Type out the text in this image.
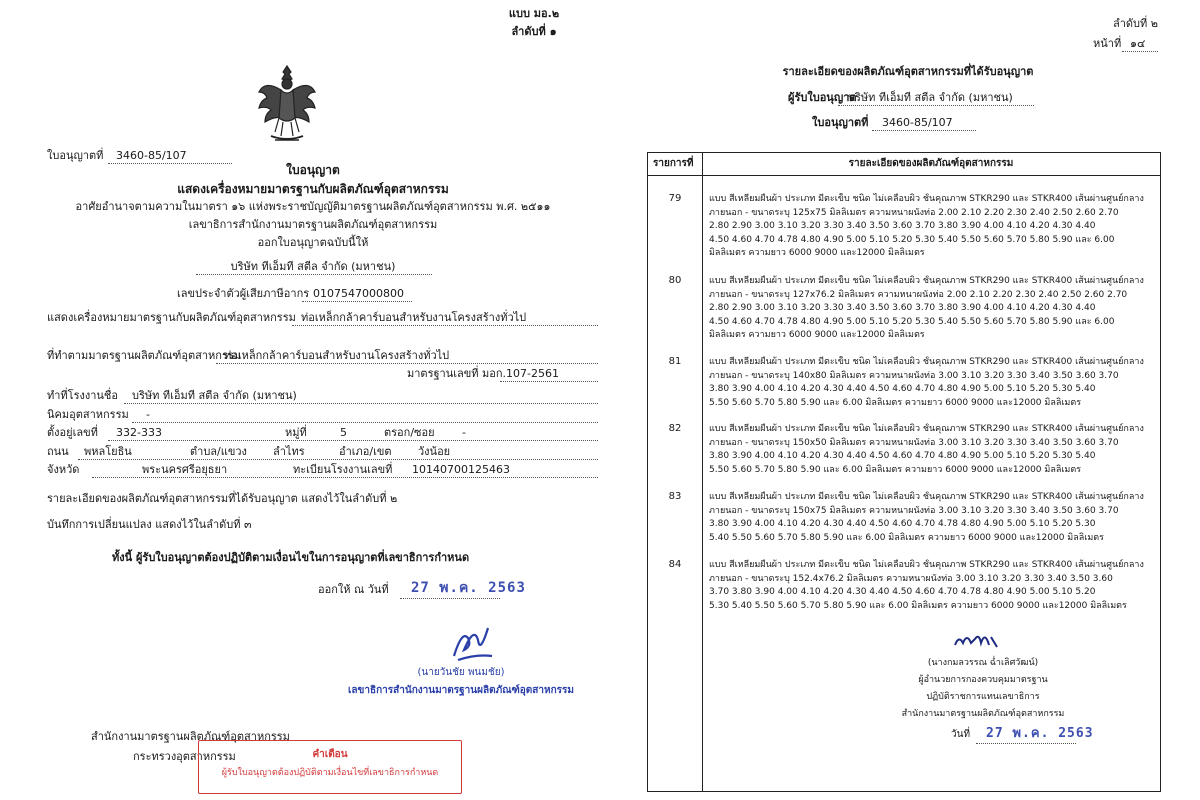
แบบ มอ.๒
ลำดับที่ ๑
ใบอนุญาตที่ 3460-85/107
ใบอนุญาต
แสดงเครื่องหมายมาตรฐานกับผลิตภัณฑ์อุตสาหกรรม
อาศัยอำนาจตามความในมาตรา ๑๖ แห่งพระราชบัญญัติมาตรฐานผลิตภัณฑ์อุตสาหกรรม พ.ศ. ๒๕๑๑
เลขาธิการสำนักงานมาตรฐานผลิตภัณฑ์อุตสาหกรรม
ออกใบอนุญาตฉบับนี้ให้
บริษัท ทีเอ็มที สตีล จำกัด (มหาชน)
เลขประจำตัวผู้เสียภาษีอากร 0107547000800
แสดงเครื่องหมายมาตรฐานกับผลิตภัณฑ์อุตสาหกรรม ท่อเหล็กกล้าคาร์บอนสำหรับงานโครงสร้างทั่วไป
ที่ทำตามมาตรฐานผลิตภัณฑ์อุตสาหกรรม
ท่อเหล็กกล้าคาร์บอนสำหรับงานโครงสร้างทั่วไป
มาตรฐานเลขที่ มอก. 107-2561
ทำที่โรงงานชื่อ บริษัท ทีเอ็มที สตีล จำกัด (มหาชน)
นิคมอุตสาหกรรม -
ตั้งอยู่เลขที่ 332-333	หมู่ที่	5	ตรอก/ซอย -
ถนน พหลโยธิน	ตำบล/แขวง ลำไทร	อำเภอ/เขต วังน้อย
จังหวัด	พระนครศรีอยุธยา	ทะเบียนโรงงานเลขที่ 10140700125463
รายละเอียดของผลิตภัณฑ์อุตสาหกรรมที่ได้รับอนุญาต แสดงไว้ในลำดับที่ ๒
บันทึกการเปลี่ยนแปลง แสดงไว้ในลำดับที่ ๓
ทั้งนี้ ผู้รับใบอนุญาตต้องปฏิบัติตามเงื่อนไขในการอนุญาตที่เลขาธิการกำหนด
ออกให้ ณ วันที่ 27 พ.ค. 2563
(นายวันชัย พนมชัย)
เลขาธิการสำนักงานมาตรฐานผลิตภัณฑ์อุตสาหกรรม
สำนักงานมาตรฐานผลิตภัณฑ์อุตสาหกรรม
กระทรวงอุตสาหกรรม	คำเตือน
ผู้รับใบอนุญาตต้องปฏิบัติตามเงื่อนไขที่เลขาธิการกำหนด
ลำดับที่ ๒
หน้าที่ ๑๔
รายละเอียดของผลิตภัณฑ์อุตสาหกรรมที่ได้รับอนุญาต
ผู้รับใบอนุญาต
บริษัท ทีเอ็มที สตีล จำกัด (มหาชน)
ใบอนุญาตที่ 3460-85/107
รายการที่	รายละเอียดของผลิตภัณฑ์อุตสาหกรรม
79	แบบ สี่เหลี่ยมผืนผ้า ประเภท มีตะเข็บ ชนิด ไม่เคลือบผิว ชั้นคุณภาพ STKR290 และ STKR400 เส้นผ่านศูนย์กลาง
ภายนอก - ขนาดระบุ 125x75 มิลลิเมตร ความหนาผนังท่อ 2.00 2.10 2.20 2.30 2.40 2.50 2.60 2.70
2.80 2.90 3.00 3.10 3.20 3.30 3.40 3.50 3.60 3.70 3.80 3.90 4.00 4.10 4.20 4.30 4.40
4.50 4.60 4.70 4.78 4.80 4.90 5.00 5.10 5.20 5.30 5.40 5.50 5.60 5.70 5.80 5.90 และ 6.00
มิลลิเมตร ความยาว 6000 9000 และ12000 มิลลิเมตร
80	แบบ สี่เหลี่ยมผืนผ้า ประเภท มีตะเข็บ ชนิด ไม่เคลือบผิว ชั้นคุณภาพ STKR290 และ STKR400 เส้นผ่านศูนย์กลาง
ภายนอก - ขนาดระบุ 127x76.2 มิลลิเมตร ความหนาผนังท่อ 2.00 2.10 2.20 2.30 2.40 2.50 2.60 2.70
2.80 2.90 3.00 3.10 3.20 3.30 3.40 3.50 3.60 3.70 3.80 3.90 4.00 4.10 4.20 4.30 4.40
4.50 4.60 4.70 4.78 4.80 4.90 5.00 5.10 5.20 5.30 5.40 5.50 5.60 5.70 5.80 5.90 และ 6.00
มิลลิเมตร ความยาว 6000 9000 และ12000 มิลลิเมตร
81	แบบ สี่เหลี่ยมผืนผ้า ประเภท มีตะเข็บ ชนิด ไม่เคลือบผิว ชั้นคุณภาพ STKR290 และ STKR400 เส้นผ่านศูนย์กลาง
ภายนอก - ขนาดระบุ 140x80 มิลลิเมตร ความหนาผนังท่อ 3.00 3.10 3.20 3.30 3.40 3.50 3.60 3.70
3.80 3.90 4.00 4.10 4.20 4.30 4.40 4.50 4.60 4.70 4.80 4.90 5.00 5.10 5.20 5.30 5.40
5.50 5.60 5.70 5.80 5.90 และ 6.00 มิลลิเมตร ความยาว 6000 9000 และ12000 มิลลิเมตร
82	แบบ สี่เหลี่ยมผืนผ้า ประเภท มีตะเข็บ ชนิด ไม่เคลือบผิว ชั้นคุณภาพ STKR290 และ STKR400 เส้นผ่านศูนย์กลาง
ภายนอก - ขนาดระบุ 150x50 มิลลิเมตร ความหนาผนังท่อ 3.00 3.10 3.20 3.30 3.40 3.50 3.60 3.70
3.80 3.90 4.00 4.10 4.20 4.30 4.40 4.50 4.60 4.70 4.80 4.90 5.00 5.10 5.20 5.30 5.40
5.50 5.60 5.70 5.80 5.90 และ 6.00 มิลลิเมตร ความยาว 6000 9000 และ12000 มิลลิเมตร
83	แบบ สี่เหลี่ยมผืนผ้า ประเภท มีตะเข็บ ชนิด ไม่เคลือบผิว ชั้นคุณภาพ STKR290 และ STKR400 เส้นผ่านศูนย์กลาง
ภายนอก - ขนาดระบุ 150x75 มิลลิเมตร ความหนาผนังท่อ 3.00 3.10 3.20 3.30 3.40 3.50 3.60 3.70
3.80 3.90 4.00 4.10 4.20 4.30 4.40 4.50 4.60 4.70 4.78 4.80 4.90 5.00 5.10 5.20 5.30
5.40 5.50 5.60 5.70 5.80 5.90 และ 6.00 มิลลิเมตร ความยาว 6000 9000 และ12000 มิลลิเมตร
84	แบบ สี่เหลี่ยมผืนผ้า ประเภท มีตะเข็บ ชนิด ไม่เคลือบผิว ชั้นคุณภาพ STKR290 และ STKR400 เส้นผ่านศูนย์กลาง
ภายนอก - ขนาดระบุ 152.4x76.2 มิลลิเมตร ความหนาผนังท่อ 3.00 3.10 3.20 3.30 3.40 3.50 3.60
3.70 3.80 3.90 4.00 4.10 4.20 4.30 4.40 4.50 4.60 4.70 4.78 4.80 4.90 5.00 5.10 5.20
5.30 5.40 5.50 5.60 5.70 5.80 5.90 และ 6.00 มิลลิเมตร ความยาว 6000 9000 และ12000 มิลลิเมตร
(นางกมลวรรณ ฉ่ำเลิศวัฒน์)
ผู้อำนวยการกองควบคุมมาตรฐาน
ปฏิบัติราชการแทนเลขาธิการ
สำนักงานมาตรฐานผลิตภัณฑ์อุตสาหกรรม
วันที่ 27 พ.ค. 2563
